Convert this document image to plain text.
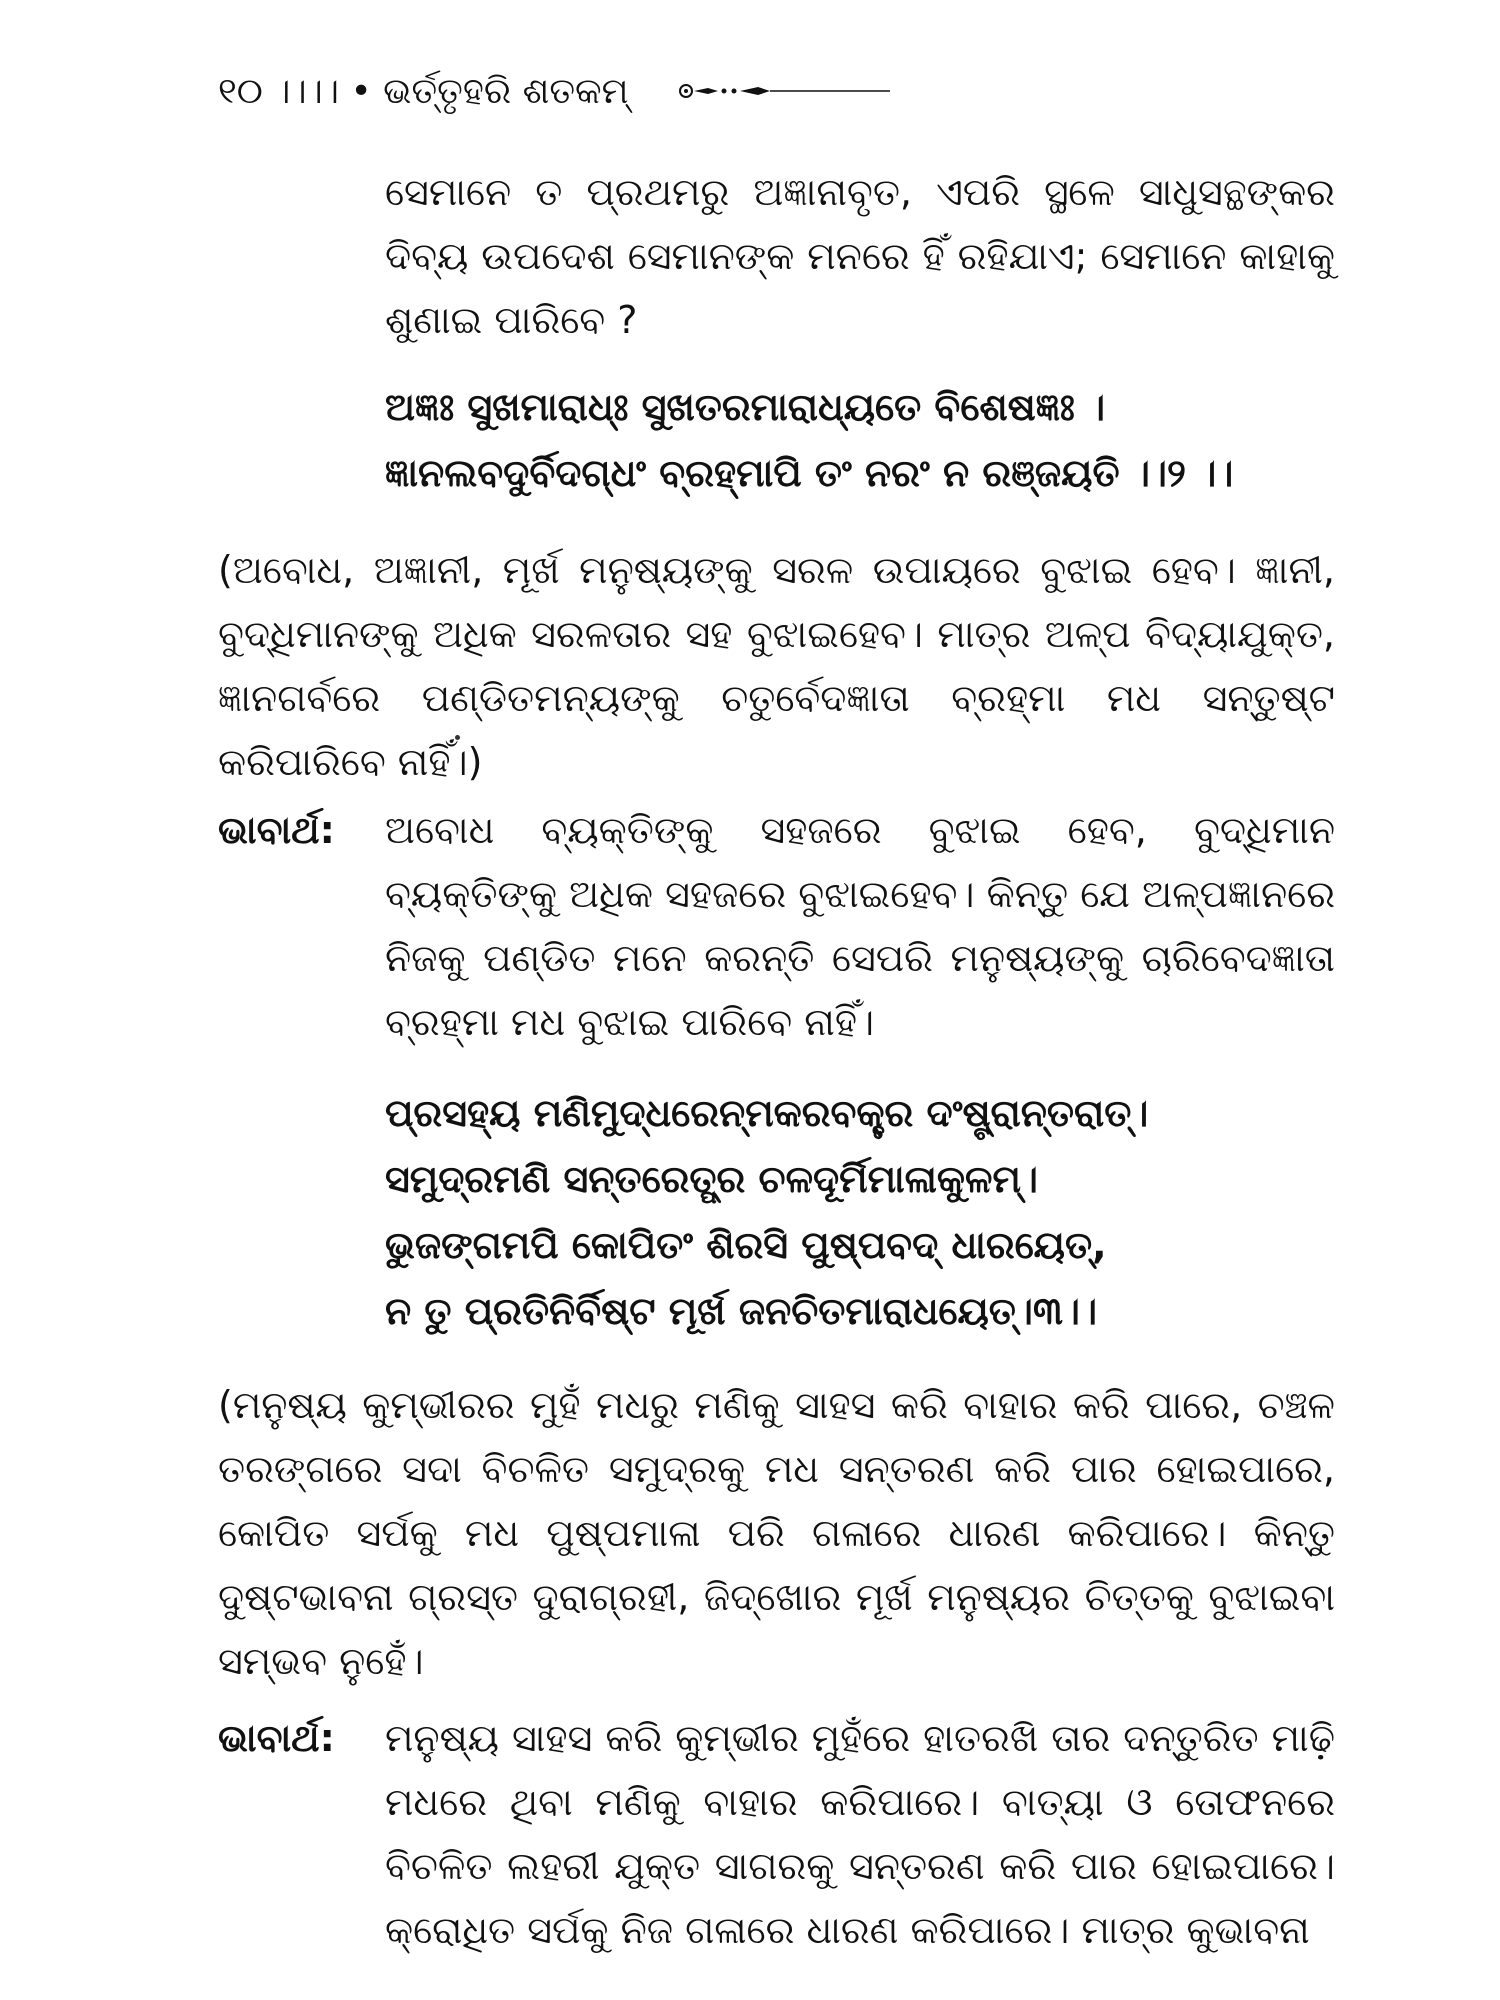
୧୦ ।।।। • ଭର୍ତ୍ତୃହରି ଶତକମ୍

ସେମାନେ ତ ପ୍ରଥମରୁ ଅଜ୍ଞାନାବୃତ, ଏପରି ସ୍ଥଳେ ସାଧୁସନ୍ଥଙ୍କର ଦିବ୍ୟ ଉପଦେଶ ସେମାନଙ୍କ ମନରେ ହିଁ ରହିଯାଏ; ସେମାନେ କାହାକୁ ଶୁଣାଇ ପାରିବେ ?

ଅଜ୍ଞଃ ସୁଖମାରାଧ୍ଃ ସୁଖତରମାରାଧ୍ୟତେ ବିଶେଷଜ୍ଞଃ ।
ଜ୍ଞାନଲବଦୁର୍ବିଦଗ୍ଧଂ ବ୍ରହ୍ମାପି ତଂ ନରଂ ନ ରଞ୍ଜୟତି ।।୨ ।।

(ଅବୋଧ, ଅଜ୍ଞାନୀ, ମୂର୍ଖ ମନୁଷ୍ୟଙ୍କୁ ସରଳ ଉପାୟରେ ବୁଝାଇ ହେବ। ଜ୍ଞାନୀ, ବୁଦ୍ଧିମାନଙ୍କୁ ଅଧିକ ସରଳତାର ସହ ବୁଝାଇହେବ। ମାତ୍ର ଅଳ୍ପ ବିଦ୍ୟାଯୁକ୍ତ, ଜ୍ଞାନଗର୍ବରେ ପଣ୍ଡିତମନ୍ୟଙ୍କୁ ଚତୁର୍ବେଦଜ୍ଞାତା ବ୍ରହ୍ମା ମଧ ସନ୍ତୁଷ୍ଟ କରିପାରିବେ ନାହିଁ।)

ଭାବାର୍ଥ: ଅବୋଧ ବ୍ୟକ୍ତିଙ୍କୁ ସହଜରେ ବୁଝାଇ ହେବ, ବୁଦ୍ଧିମାନ ବ୍ୟକ୍ତିଙ୍କୁ ଅଧିକ ସହଜରେ ବୁଝାଇହେବ। କିନ୍ତୁ ଯେ ଅଳ୍ପଜ୍ଞାନରେ ନିଜକୁ ପଣ୍ଡିତ ମନେ କରନ୍ତି ସେପରି ମନୁଷ୍ୟଙ୍କୁ ଚାରିବେଦଜ୍ଞାତା ବ୍ରହ୍ମା ମଧ ବୁଝାଇ ପାରିବେ ନାହିଁ।

ପ୍ରସହ୍ୟ ମଣିମୁଦ୍ଧରେନ୍ମକରବକ୍ତ୍ର ଦଂଷ୍ଟ୍ରାନ୍ତରାତ୍।
ସମୁଦ୍ରମଣି ସନ୍ତରେତ୍ପ୍ର ଚଳଦୂର୍ମିମାଳାକୁଳମ୍।
ଭୁଜଙ୍ଗମପି କୋପିତଂ ଶିରସି ପୁଷ୍ପବଦ୍ ଧାରୟେତ୍,
ନ ତୁ ପ୍ରତିନିର୍ବିଷ୍ଟ ମୂର୍ଖ ଜନଚିତମାରାଧୟେତ୍।୩।।

(ମନୁଷ୍ୟ କୁମ୍ଭୀରର ମୁହଁ ମଧରୁ ମଣିକୁ ସାହସ କରି ବାହାର କରି ପାରେ, ଚଞ୍ଚଳ ତରଙ୍ଗରେ ସଦା ବିଚଳିତ ସମୁଦ୍ରକୁ ମଧ ସନ୍ତରଣ କରି ପାର ହୋଇପାରେ, କୋପିତ ସର୍ପକୁ ମଧ ପୁଷ୍ପମାଳା ପରି ଗଳାରେ ଧାରଣ କରିପାରେ। କିନ୍ତୁ ଦୁଷ୍ଟଭାବନା ଗ୍ରସ୍ତ ଦୁରାଗ୍ରହୀ, ଜିଦ୍‌ଖୋର ମୂର୍ଖ ମନୁଷ୍ୟର ଚିତ୍ତକୁ ବୁଝାଇବା ସମ୍ଭବ ନୁହେଁ।

ଭାବାର୍ଥ: ମନୁଷ୍ୟ ସାହସ କରି କୁମ୍ଭୀର ମୁହଁରେ ହାତରଖି ତାର ଦନ୍ତୁରିତ ମାଢ଼ି ମଧରେ ଥିବା ମଣିକୁ ବାହାର କରିପାରେ। ବାତ୍ୟା ଓ ତୋଫନରେ ବିଚଳିତ ଲହରୀ ଯୁକ୍ତ ସାଗରକୁ ସନ୍ତରଣ କରି ପାର ହୋଇପାରେ। କ୍ରୋଧିତ ସର୍ପକୁ ନିଜ ଗଳାରେ ଧାରଣ କରିପାରେ। ମାତ୍ର କୁଭାବନା
